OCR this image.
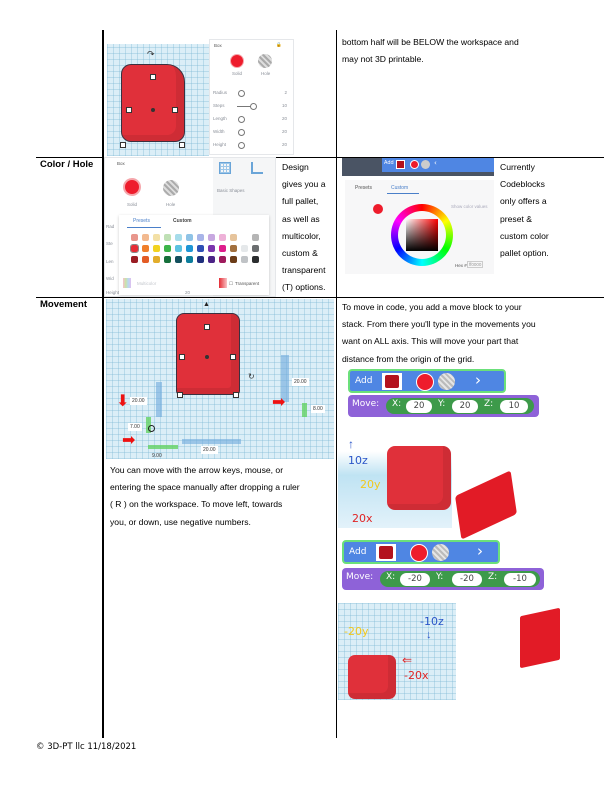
↷
Box	🔒
Solid	Hole
Radius	2
Steps	10
Length	20
Width	20
Height	20
bottom half will be BELOW the workspace and
may not 3D printable.
Color / Hole	Box
Solid	Hole
Rad
Ste
Len
Wid
Height
Basic Shapes
Presets	Custom
Multicolor	☐ Transparent
20
Design
gives you a
full pallet,
as well as
multicolor,
custom &
transparent
(T) options.
Add	‹
Presets	Custom
Show color values
Hex # ff0000
Currently
Codeblocks
only offers a
preset &
custom color
pallet option.
Movement	▲
↻
20.00
20.00
⬇
7.00
➡	8.00
20.00
➡
9.00
You can move with the arrow keys, mouse, or
entering the space manually after dropping a ruler
( R ) on the workspace. To move left, towards
you, or down, use negative numbers.
To move in code, you add a move block to your
stack. From there you'll type in the movements you
want on ALL axis. This will move your part that
distance from the origin of the grid.
Add	›
Move: X:	20	Y:	20	Z:	10
10z
↑
20y
20x
Add	›
Move: X:	-20	Y:	-20	Z:	-10
-20y
-10z
↓
⇐
-20x
© 3D-PT llc 11/18/2021
